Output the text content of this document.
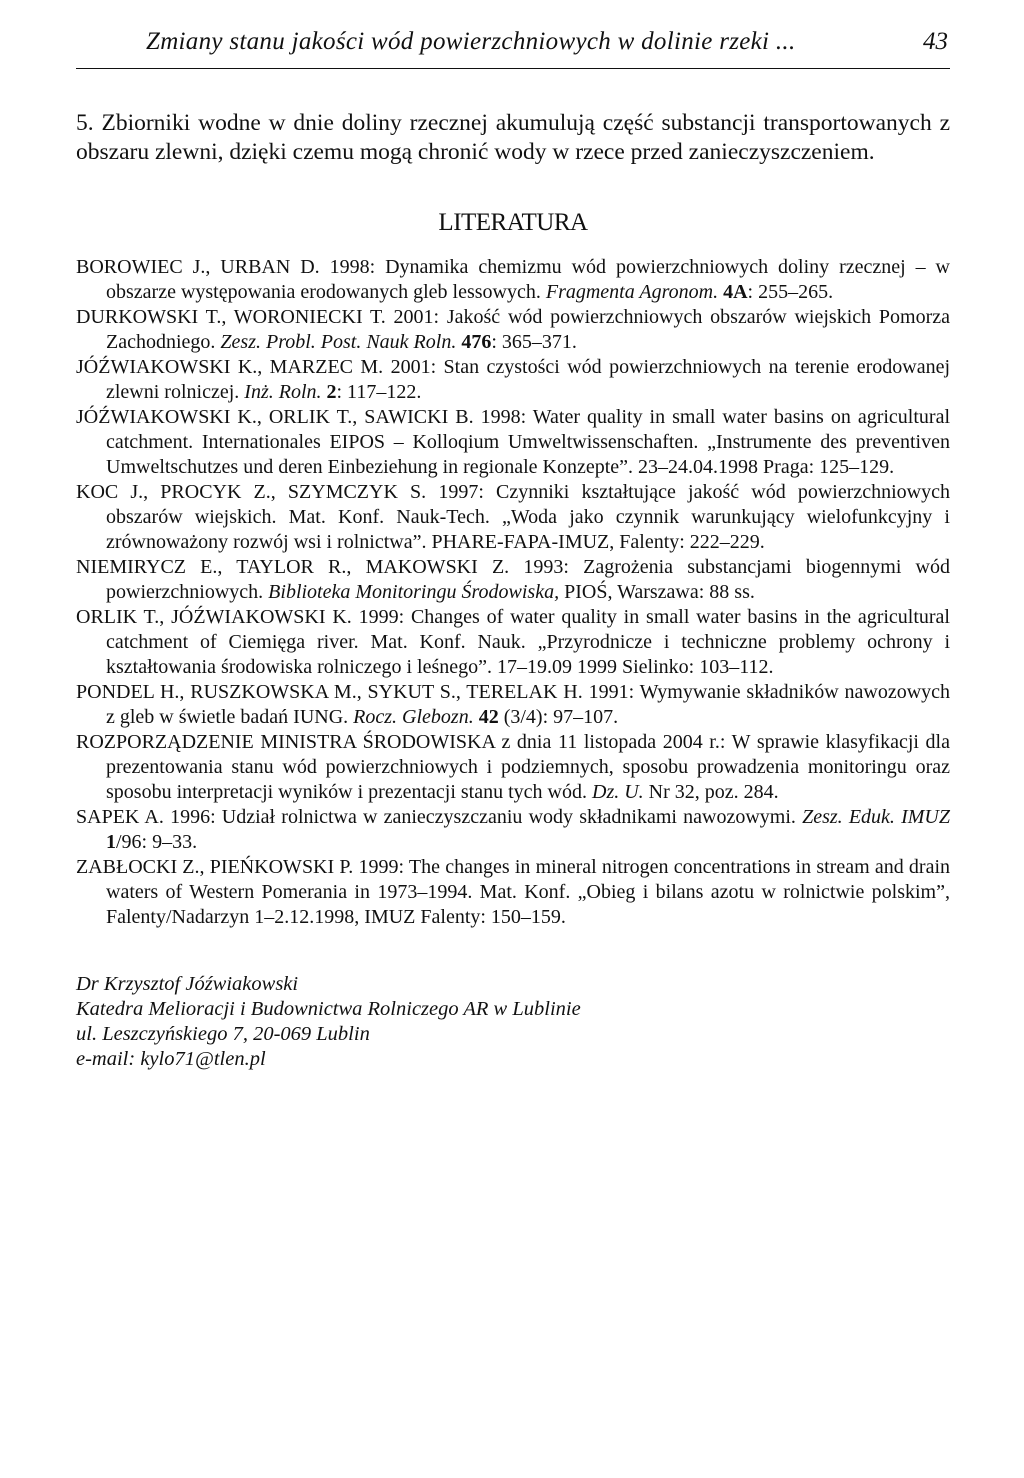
Zmiany stanu jakości wód powierzchniowych w dolinie rzeki ...	43
5. Zbiorniki wodne w dnie doliny rzecznej akumulują część substancji transportowanych z obszaru zlewni, dzięki czemu mogą chronić wody w rzece przed zanieczyszczeniem.
LITERATURA
BOROWIEC J., URBAN D. 1998: Dynamika chemizmu wód powierzchniowych doliny rzecznej – w obszarze występowania erodowanych gleb lessowych. Fragmenta Agronom. 4A: 255–265.
DURKOWSKI T., WORONIECKI T. 2001: Jakość wód powierzchniowych obszarów wiejskich Pomorza Zachodniego. Zesz. Probl. Post. Nauk Roln. 476: 365–371.
JÓŹWIAKOWSKI K., MARZEC M. 2001: Stan czystości wód powierzchniowych na terenie erodowanej zlewni rolniczej. Inż. Roln. 2: 117–122.
JÓŹWIAKOWSKI K., ORLIK T., SAWICKI B. 1998: Water quality in small water basins on agricultural catchment. Internationales EIPOS – Kolloqium Umweltwissenschaften. „Instrumente des preventiven Umweltschutzes und deren Einbeziehung in regionale Konzepte”. 23–24.04.1998 Praga: 125–129.
KOC J., PROCYK Z., SZYMCZYK S. 1997: Czynniki kształtujące jakość wód powierzchniowych obszarów wiejskich. Mat. Konf. Nauk-Tech. „Woda jako czynnik warunkujący wielofunkcyjny i zrównoważony rozwój wsi i rolnictwa”. PHARE-FAPA-IMUZ, Falenty: 222–229.
NIEMIRYCZ E., TAYLOR R., MAKOWSKI Z. 1993: Zagrożenia substancjami biogennymi wód powierzchniowych. Biblioteka Monitoringu Środowiska, PIOŚ, Warszawa: 88 ss.
ORLIK T., JÓŹWIAKOWSKI K. 1999: Changes of water quality in small water basins in the agricultural catchment of Ciemięga river. Mat. Konf. Nauk. „Przyrodnicze i techniczne problemy ochrony i kształtowania środowiska rolniczego i leśnego”. 17–19.09 1999 Sielinko: 103–112.
PONDEL H., RUSZKOWSKA M., SYKUT S., TERELAK H. 1991: Wymywanie składników nawozowych z gleb w świetle badań IUNG. Rocz. Glebozn. 42 (3/4): 97–107.
ROZPORZĄDZENIE MINISTRA ŚRODOWISKA z dnia 11 listopada 2004 r.: W sprawie klasyfikacji dla prezentowania stanu wód powierzchniowych i podziemnych, sposobu prowadzenia monitoringu oraz sposobu interpretacji wyników i prezentacji stanu tych wód. Dz. U. Nr 32, poz. 284.
SAPEK A. 1996: Udział rolnictwa w zanieczyszczaniu wody składnikami nawozowymi. Zesz. Eduk. IMUZ 1/96: 9–33.
ZABŁOCKI Z., PIEŃKOWSKI P. 1999: The changes in mineral nitrogen concentrations in stream and drain waters of Western Pomerania in 1973–1994. Mat. Konf. „Obieg i bilans azotu w rolnictwie polskim”, Falenty/Nadarzyn 1–2.12.1998, IMUZ Falenty: 150–159.
Dr Krzysztof Jóźwiakowski
Katedra Melioracji i Budownictwa Rolniczego AR w Lublinie
ul. Leszczyńskiego 7, 20-069 Lublin
e-mail: kylo71@tlen.pl
